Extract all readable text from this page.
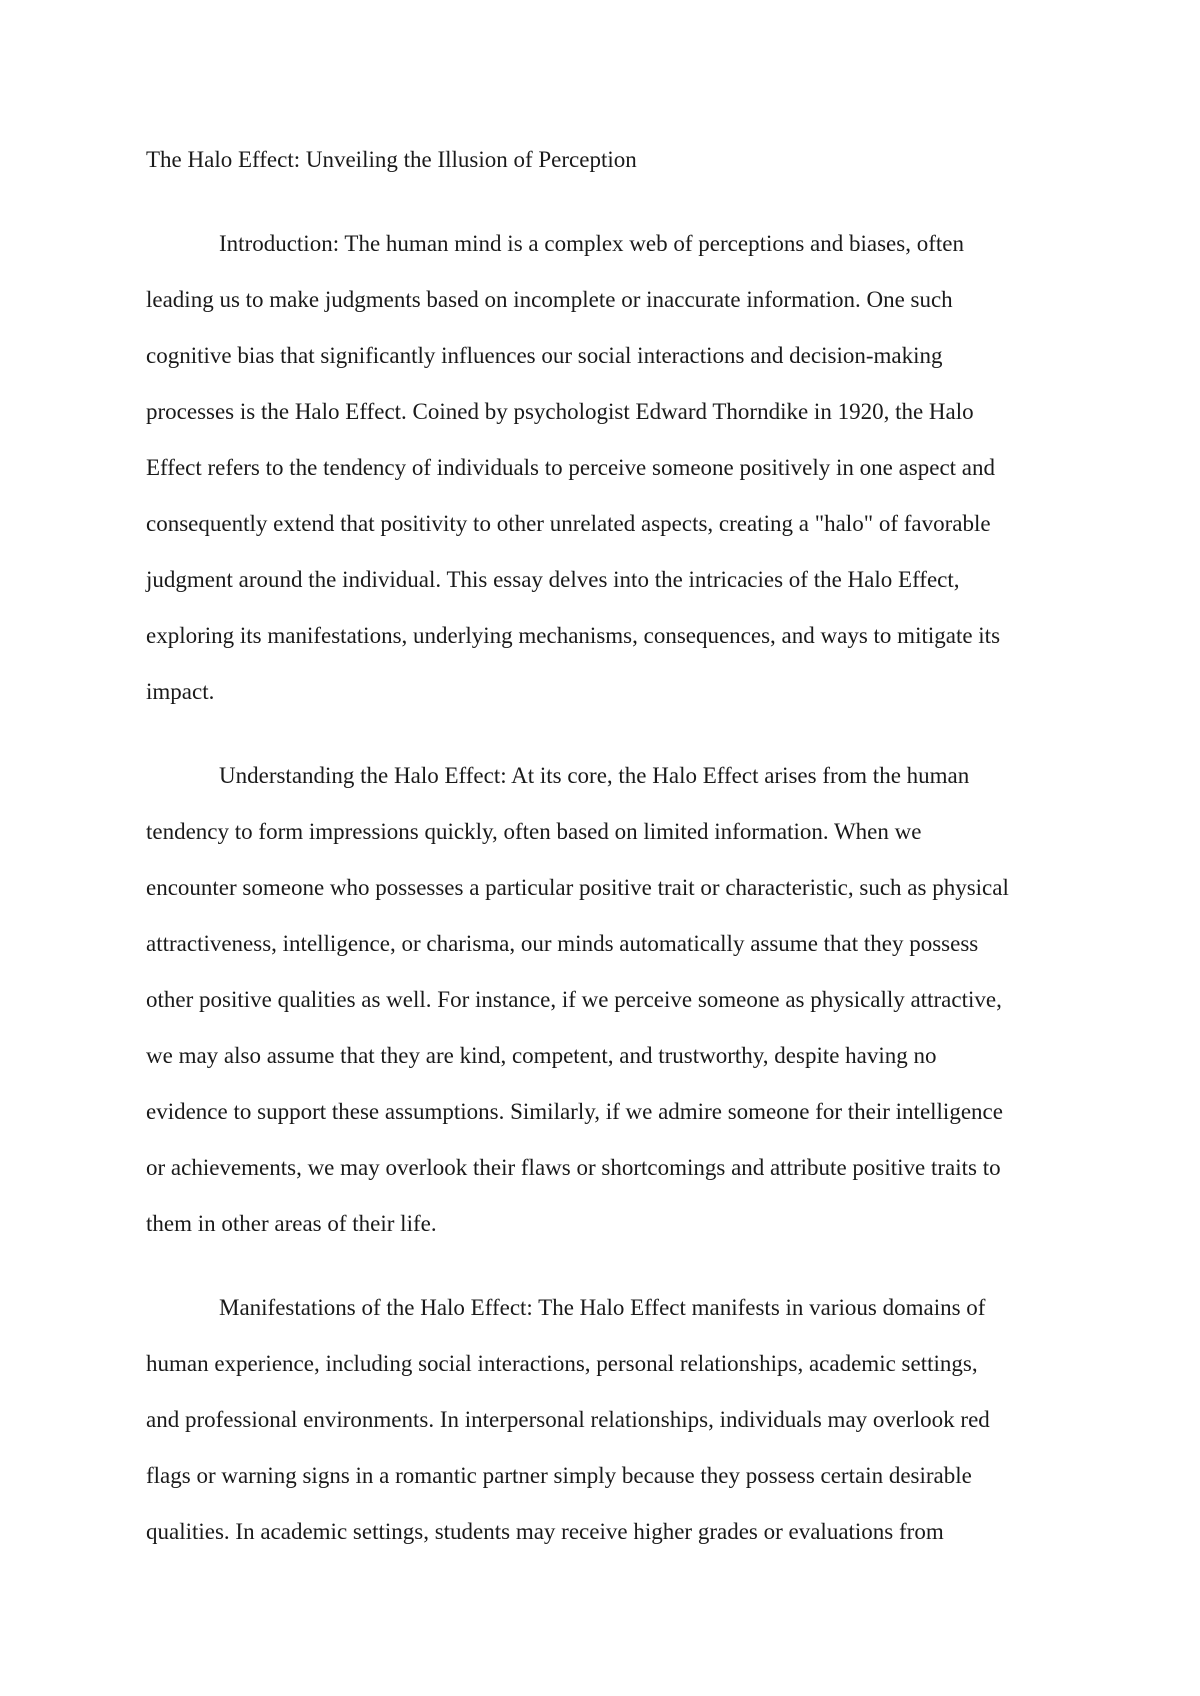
The Halo Effect: Unveiling the Illusion of Perception

Introduction: The human mind is a complex web of perceptions and biases, often

leading us to make judgments based on incomplete or inaccurate information. One such

cognitive bias that significantly influences our social interactions and decision-making

processes is the Halo Effect. Coined by psychologist Edward Thorndike in 1920, the Halo

Effect refers to the tendency of individuals to perceive someone positively in one aspect and

consequently extend that positivity to other unrelated aspects, creating a "halo" of favorable

judgment around the individual. This essay delves into the intricacies of the Halo Effect,

exploring its manifestations, underlying mechanisms, consequences, and ways to mitigate its

impact.

Understanding the Halo Effect: At its core, the Halo Effect arises from the human

tendency to form impressions quickly, often based on limited information. When we

encounter someone who possesses a particular positive trait or characteristic, such as physical

attractiveness, intelligence, or charisma, our minds automatically assume that they possess

other positive qualities as well. For instance, if we perceive someone as physically attractive,

we may also assume that they are kind, competent, and trustworthy, despite having no

evidence to support these assumptions. Similarly, if we admire someone for their intelligence

or achievements, we may overlook their flaws or shortcomings and attribute positive traits to

them in other areas of their life.

Manifestations of the Halo Effect: The Halo Effect manifests in various domains of

human experience, including social interactions, personal relationships, academic settings,

and professional environments. In interpersonal relationships, individuals may overlook red

flags or warning signs in a romantic partner simply because they possess certain desirable

qualities. In academic settings, students may receive higher grades or evaluations from
